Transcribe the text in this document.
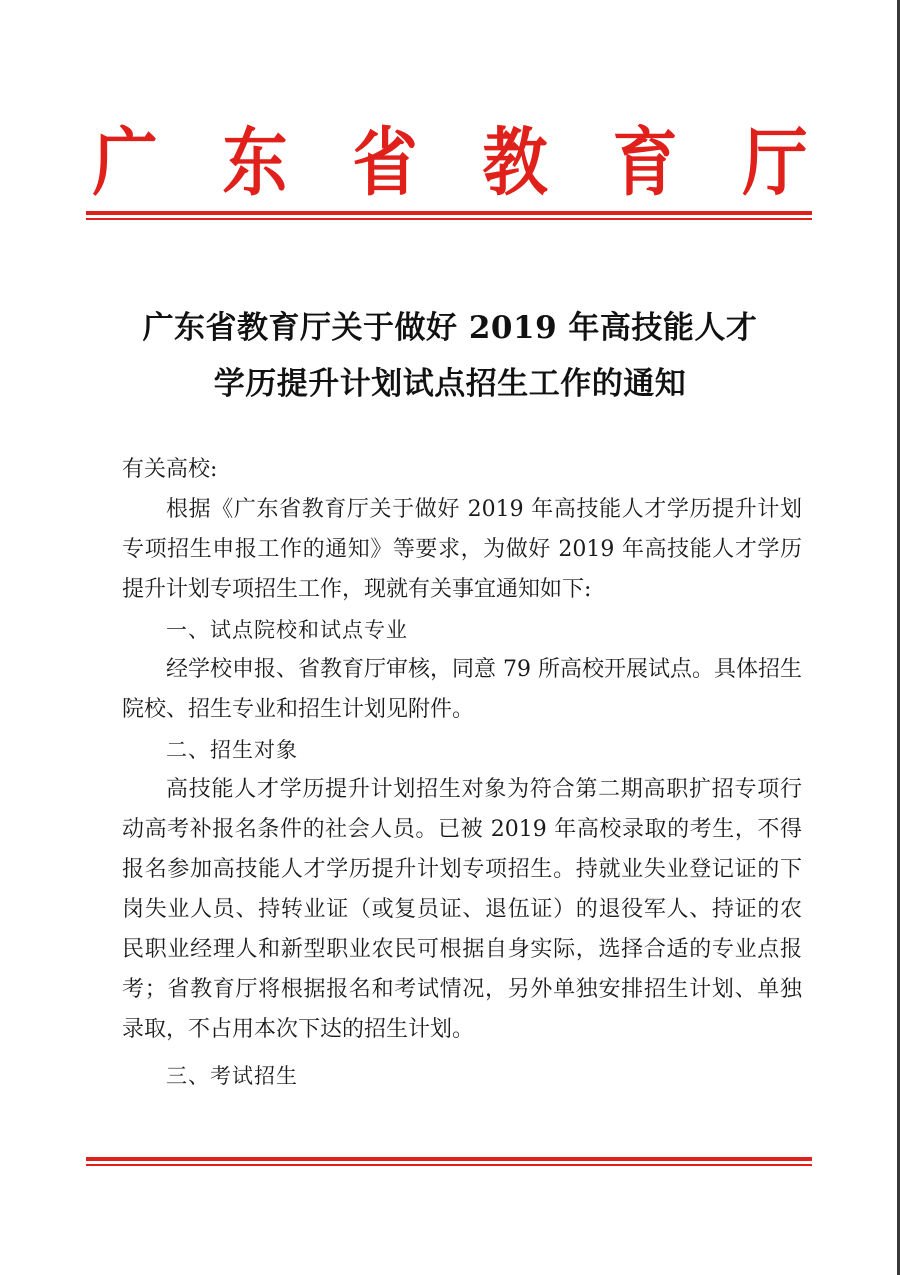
广 东 省 教 育 厅
广东省教育厅关于做好 2019 年高技能人才
学历提升计划试点招生工作的通知

有关高校:

根据《广东省教育厅关于做好 2019 年高技能人才学历提升计划专项招生申报工作的通知》等要求，为做好 2019 年高技能人才学历提升计划专项招生工作，现就有关事宜通知如下:

一、试点院校和试点专业

经学校申报、省教育厅审核，同意 79 所高校开展试点。具体招生院校、招生专业和招生计划见附件。

二、招生对象

高技能人才学历提升计划招生对象为符合第二期高职扩招专项行动高考补报名条件的社会人员。已被 2019 年高校录取的考生，不得报名参加高技能人才学历提升计划专项招生。持就业失业登记证的下岗失业人员、持转业证（或复员证、退伍证）的退役军人、持证的农民职业经理人和新型职业农民可根据自身实际，选择合适的专业点报考；省教育厅将根据报名和考试情况，另外单独安排招生计划、单独录取，不占用本次下达的招生计划。

三、考试招生
